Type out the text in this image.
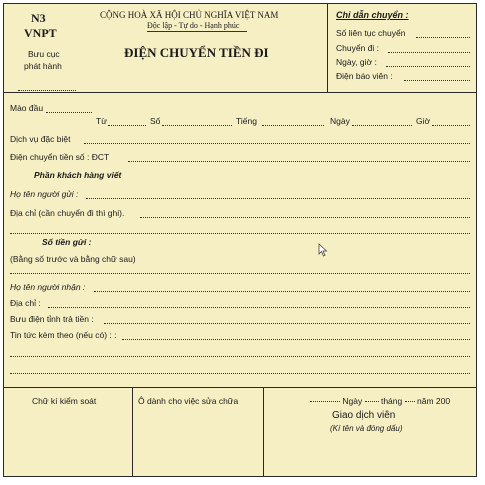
N3
VNPT
Bưu cục
phát hành
CỘNG HOÀ XÃ HỘI CHỦ NGHĨA VIỆT NAM
Độc lập - Tự do - Hạnh phúc
ĐIỆN CHUYỂN TIỀN ĐI
Chỉ dẫn chuyển :
Số liên tục chuyển
Chuyển đi :
Ngày, giờ :
Điện báo viên :
Mào đầu
Từ	Số	Tiếng	Ngày	Giờ
Dịch vụ đặc biệt
Điện chuyển tiền số : ĐCT
Phần khách hàng viết
Họ tên người gửi :
Địa chỉ (cần chuyển đi thì ghi).
Số tiền gửi :
(Bằng số trước và bằng chữ sau)
Họ tên người nhận :
Địa chỉ :
Bưu điện tỉnh trả tiền :
Tin tức kèm theo (nếu có) : :
Chữ kí kiểm soát	Ô dành cho việc sửa chữa	Ngày tháng năm 200
Giao dịch viên
(Kí tên và đóng dấu)
